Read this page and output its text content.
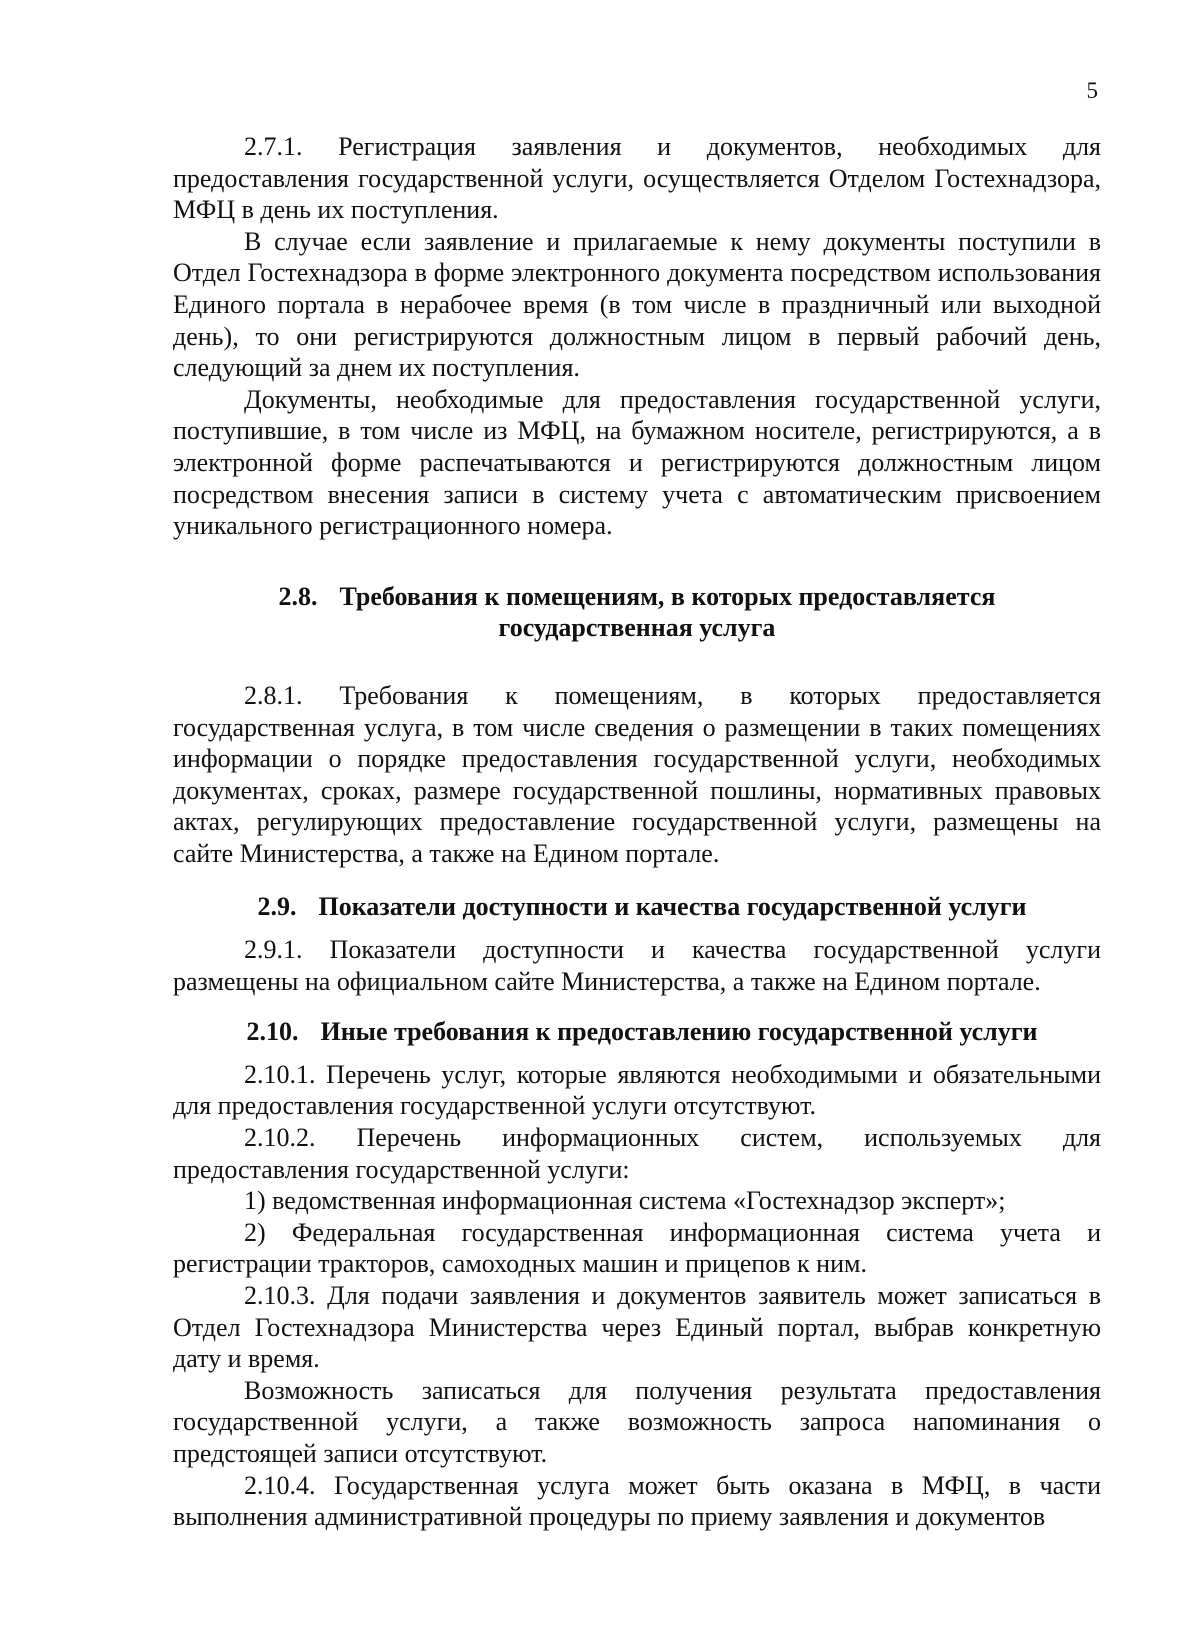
5

2.7.1. Регистрация заявления и документов, необходимых для предоставления государственной услуги, осуществляется Отделом Гостехнадзора, МФЦ в день их поступления.

В случае если заявление и прилагаемые к нему документы поступили в Отдел Гостехнадзора в форме электронного документа посредством использования Единого портала в нерабочее время (в том числе в праздничный или выходной день), то они регистрируются должностным лицом в первый рабочий день, следующий за днем их поступления.

Документы, необходимые для предоставления государственной услуги, поступившие, в том числе из МФЦ, на бумажном носителе, регистрируются, а в электронной форме распечатываются и регистрируются должностным лицом посредством внесения записи в систему учета с автоматическим присвоением уникального регистрационного номера.

2.8. Требования к помещениям, в которых предоставляется
государственная услуга

2.8.1. Требования к помещениям, в которых предоставляется государственная услуга, в том числе сведения о размещении в таких помещениях информации о порядке предоставления государственной услуги, необходимых документах, сроках, размере государственной пошлины, нормативных правовых актах, регулирующих предоставление государственной услуги, размещены на сайте Министерства, а также на Едином портале.

2.9. Показатели доступности и качества государственной услуги

2.9.1. Показатели доступности и качества государственной услуги размещены на официальном сайте Министерства, а также на Едином портале.

2.10. Иные требования к предоставлению государственной услуги

2.10.1. Перечень услуг, которые являются необходимыми и обязательными для предоставления государственной услуги отсутствуют.

2.10.2. Перечень информационных систем, используемых для предоставления государственной услуги:

1) ведомственная информационная система «Гостехнадзор эксперт»;

2) Федеральная государственная информационная система учета и регистрации тракторов, самоходных машин и прицепов к ним.

2.10.3. Для подачи заявления и документов заявитель может записаться в Отдел Гостехнадзора Министерства через Единый портал, выбрав конкретную дату и время.

Возможность записаться для получения результата предоставления государственной услуги, а также возможность запроса напоминания о предстоящей записи отсутствуют.

2.10.4. Государственная услуга может быть оказана в МФЦ, в части выполнения административной процедуры по приему заявления и документов
